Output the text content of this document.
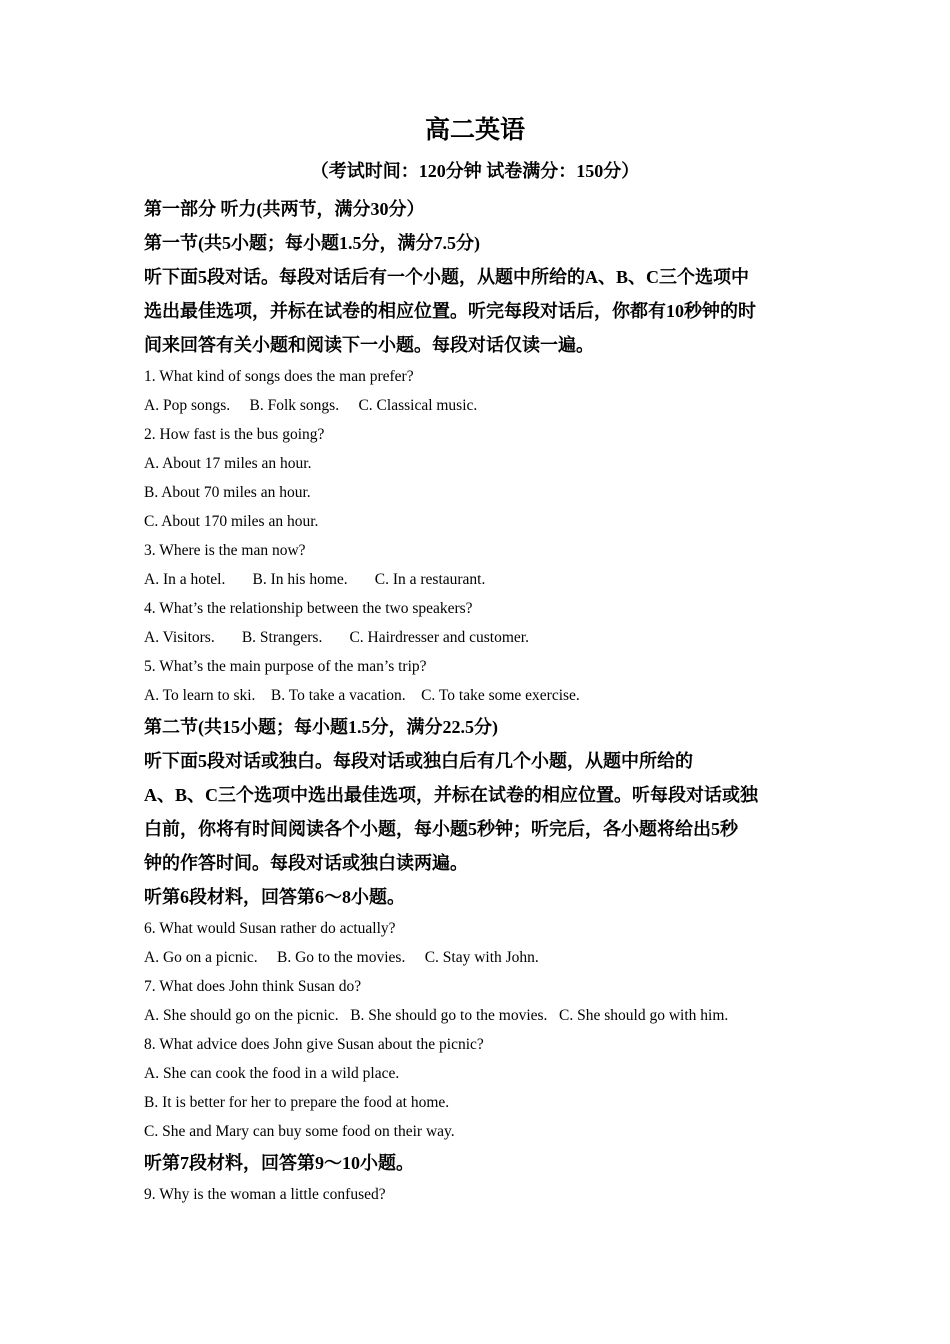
高二英语
（考试时间：120分钟 试卷满分：150分）

第一部分 听力(共两节，满分30分）

第一节(共5小题；每小题1.5分，满分7.5分)

听下面5段对话。每段对话后有一个小题，从题中所给的A、B、C三个选项中
选出最佳选项，并标在试卷的相应位置。听完每段对话后，你都有10秒钟的时
间来回答有关小题和阅读下一小题。每段对话仅读一遍。

1. What kind of songs does the man prefer?

A. Pop songs.     B. Folk songs.     C. Classical music.

2. How fast is the bus going?

A. About 17 miles an hour.

B. About 70 miles an hour.

C. About 170 miles an hour.

3. Where is the man now?

A. In a hotel.       B. In his home.       C. In a restaurant.

4. What’s the relationship between the two speakers?

A. Visitors.       B. Strangers.       C. Hairdresser and customer.

5. What’s the main purpose of the man’s trip?

A. To learn to ski.    B. To take a vacation.    C. To take some exercise.

第二节(共15小题；每小题1.5分，满分22.5分)

听下面5段对话或独白。每段对话或独白后有几个小题，从题中所给的
A、B、C三个选项中选出最佳选项，并标在试卷的相应位置。听每段对话或独
白前，你将有时间阅读各个小题，每小题5秒钟；听完后，各小题将给出5秒
钟的作答时间。每段对话或独白读两遍。

听第6段材料，回答第6～8小题。

6. What would Susan rather do actually?

A. Go on a picnic.     B. Go to the movies.     C. Stay with John.

7. What does John think Susan do?

A. She should go on the picnic.   B. She should go to the movies.   C. She should go with him.

8. What advice does John give Susan about the picnic?

A. She can cook the food in a wild place.

B. It is better for her to prepare the food at home.

C. She and Mary can buy some food on their way.

听第7段材料，回答第9～10小题。

9. Why is the woman a little confused?
